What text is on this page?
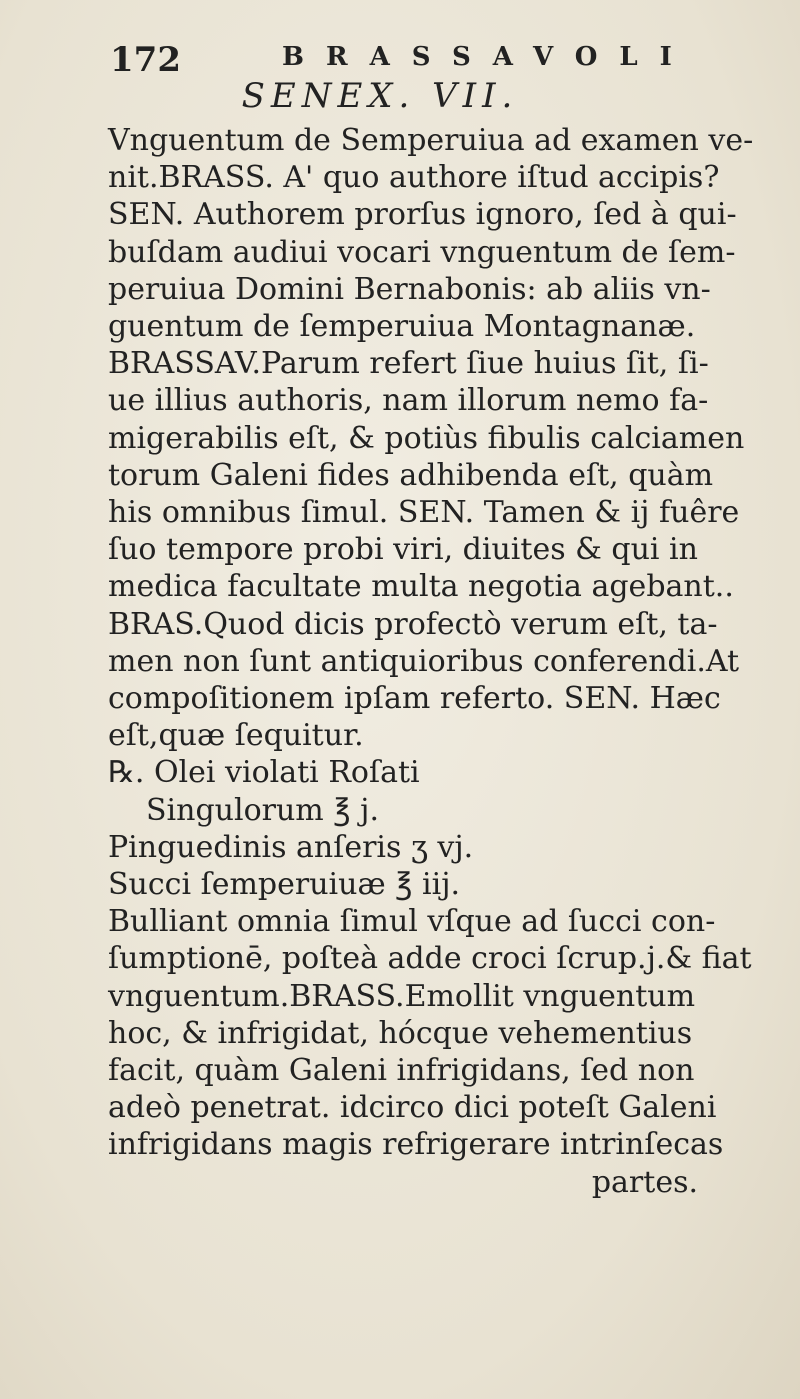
172	BRASSAVOLI
SENEX. VII.
Vnguentum de Semperuiua ad examen ve-
nit.BRASS. A' quo authore iſtud accipis?
SEN. Authorem prorſus ignoro, ſed à qui-
buſdam audiui vocari vnguentum de ſem-
peruiua Domini Bernabonis: ab aliis vn-
guentum de ſemperuiua Montagnanæ.
BRASSAV.Parum refert ſiue huius ſit, ſi-
ue illius authoris, nam illorum nemo fa-
migerabilis eſt, & potiùs fibulis calciamen
torum Galeni fides adhibenda eſt, quàm
his omnibus ſimul. SEN. Tamen & ij fuêre
ſuo tempore probi viri, diuites & qui in
medica facultate multa negotia agebant..
BRAS.Quod dicis profectò verum eſt, ta-
men non ſunt antiquioribus conferendi.At
compoſitionem ipſam referto. SEN. Hæc
eſt,quæ ſequitur.
℞. Olei violati Roſati
Singulorum ℥ j.
Pinguedinis anſeris ʒ vj.
Succi ſemperuiuæ ℥ iij.
Bulliant omnia ſimul vſque ad ſucci con-
ſumptionē, poſteà adde croci ſcrup.j.& fiat
vnguentum.BRASS.Emollit vnguentum
hoc, & infrigidat, hócque vehementius
facit, quàm Galeni infrigidans, ſed non
adeò penetrat. idcirco dici poteſt Galeni
infrigidans magis refrigerare intrinſecas
partes.
